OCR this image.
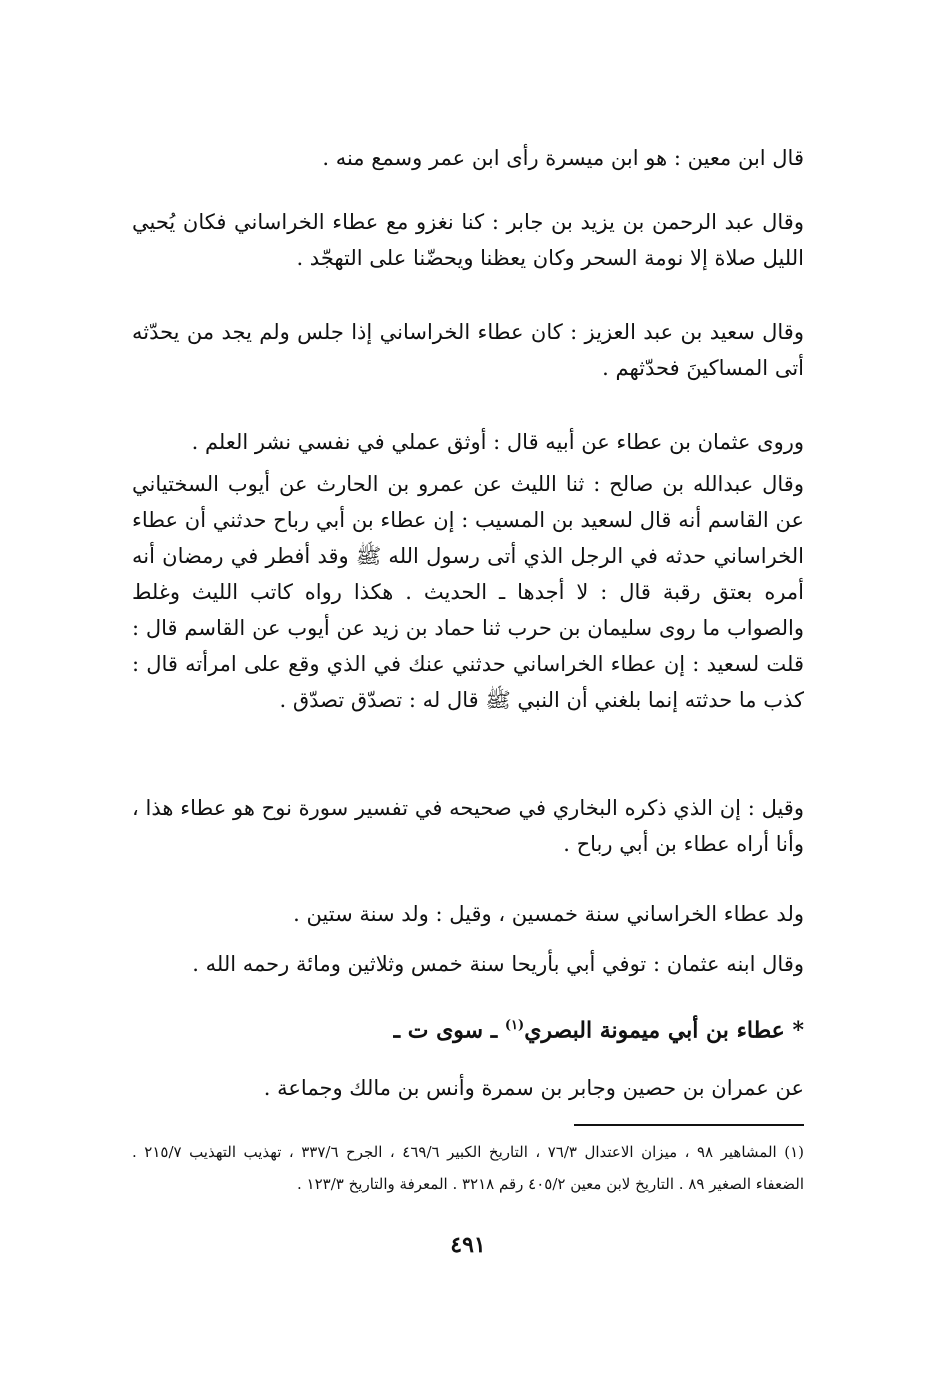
قال ابن معين : هو ابن ميسرة رأى ابن عمر وسمع منه .

وقال عبد الرحمن بن يزيد بن جابر : كنا نغزو مع عطاء الخراساني فكان يُحيي الليل صلاة إلا نومة السحر وكان يعظنا ويحضّنا على التهجّد .

وقال سعيد بن عبد العزيز : كان عطاء الخراساني إذا جلس ولم يجد من يحدّثه أتى المساكينَ فحدّثهم .

وروى عثمان بن عطاء عن أبيه قال : أوثق عملي في نفسي نشر العلم .

وقال عبدالله بن صالح : ثنا الليث عن عمرو بن الحارث عن أيوب السختياني عن القاسم أنه قال لسعيد بن المسيب : إن عطاء بن أبي رباح حدثني أن عطاء الخراساني حدثه في الرجل الذي أتى رسول الله ﷺ وقد أفطر في رمضان أنه أمره بعتق رقبة قال : لا أجدها ـ الحديث . هكذا رواه كاتب الليث وغلط والصواب ما روى سليمان بن حرب ثنا حماد بن زيد عن أيوب عن القاسم قال : قلت لسعيد : إن عطاء الخراساني حدثني عنك في الذي وقع على امرأته قال : كذب ما حدثته إنما بلغني أن النبي ﷺ قال له : تصدّق تصدّق .

وقيل : إن الذي ذكره البخاري في صحيحه في تفسير سورة نوح هو عطاء هذا ، وأنا أراه عطاء بن أبي رباح .

ولد عطاء الخراساني سنة خمسين ، وقيل : ولد سنة ستين .

وقال ابنه عثمان : توفي أبي بأريحا سنة خمس وثلاثين ومائة رحمه الله .

* عطاء بن أبي ميمونة البصري$^{(١)}$ ـ سوى ت ـ

عن عمران بن حصين وجابر بن سمرة وأنس بن مالك وجماعة .

(١) المشاهير ٩٨ ، ميزان الاعتدال ٧٦/٣ ، التاريخ الكبير ٤٦٩/٦ ، الجرح ٣٣٧/٦ ، تهذيب التهذيب ٢١٥/٧ . الضعفاء الصغير ٨٩ . التاريخ لابن معين ٤٠٥/٢ رقم ٣٢١٨ . المعرفة والتاريخ ١٢٣/٣ .
٤٩١
